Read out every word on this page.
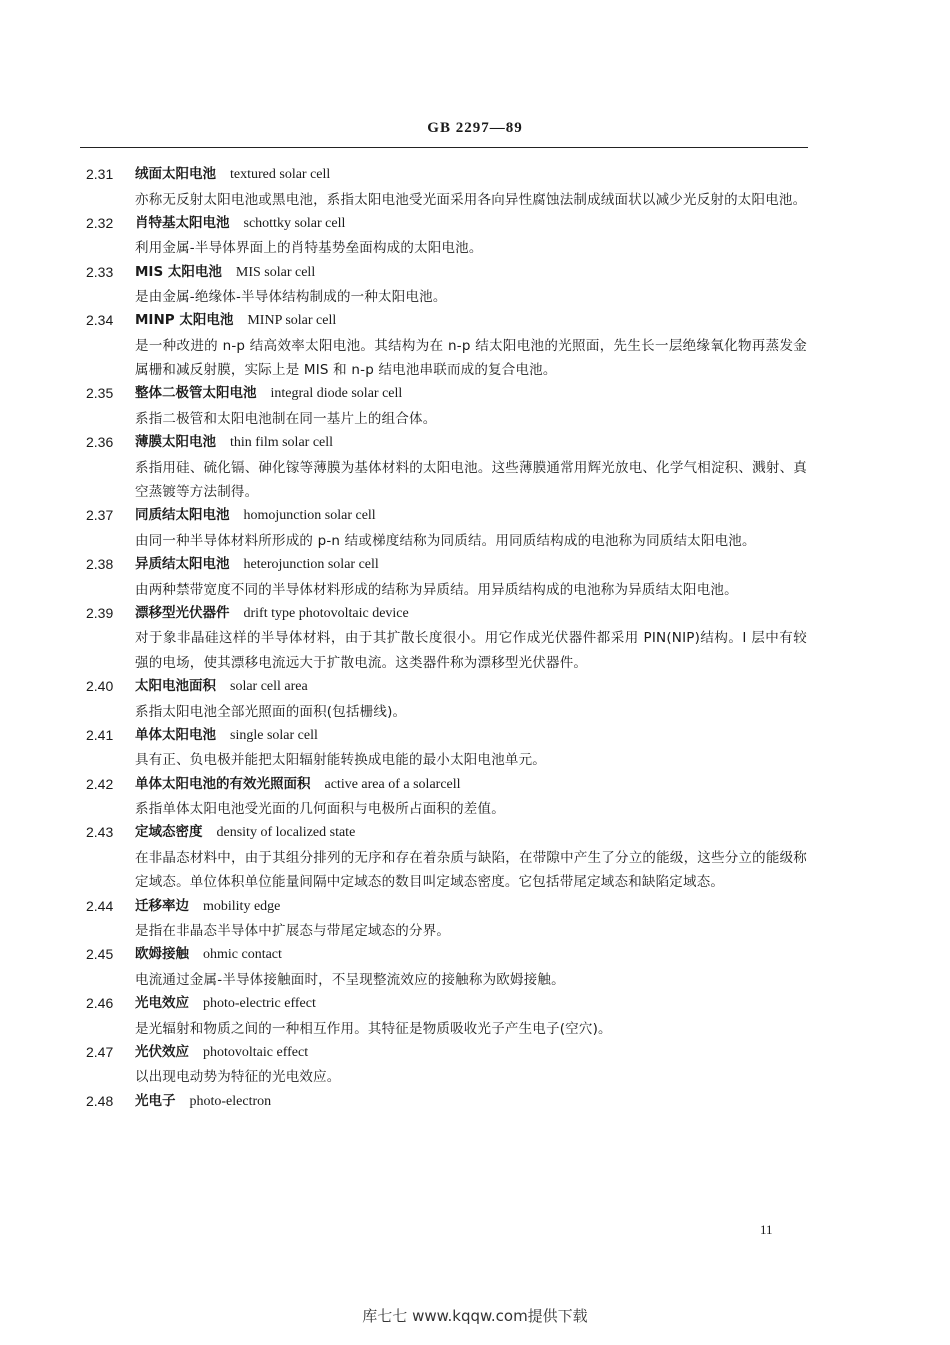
GB 2297—89
2.31 绒面太阳电池 textured solar cell
亦称无反射太阳电池或黑电池，系指太阳电池受光面采用各向异性腐蚀法制成绒面状以减少光反射的太阳电池。
2.32 肖特基太阳电池 schottky solar cell
利用金属-半导体界面上的肖特基势垒面构成的太阳电池。
2.33 MIS 太阳电池 MIS solar cell
是由金属-绝缘体-半导体结构制成的一种太阳电池。
2.34 MINP 太阳电池 MINP solar cell
是一种改进的 n-p 结高效率太阳电池。其结构为在 n-p 结太阳电池的光照面，先生长一层绝缘氧化物再蒸发金属栅和减反射膜，实际上是 MIS 和 n-p 结电池串联而成的复合电池。
2.35 整体二极管太阳电池 integral diode solar cell
系指二极管和太阳电池制在同一基片上的组合体。
2.36 薄膜太阳电池 thin film solar cell
系指用硅、硫化镉、砷化镓等薄膜为基体材料的太阳电池。这些薄膜通常用辉光放电、化学气相淀积、溅射、真空蒸镀等方法制得。
2.37 同质结太阳电池 homojunction solar cell
由同一种半导体材料所形成的 p-n 结或梯度结称为同质结。用同质结构成的电池称为同质结太阳电池。
2.38 异质结太阳电池 heterojunction solar cell
由两种禁带宽度不同的半导体材料形成的结称为异质结。用异质结构成的电池称为异质结太阳电池。
2.39 漂移型光伏器件 drift type photovoltaic device
对于象非晶硅这样的半导体材料，由于其扩散长度很小。用它作成光伏器件都采用 PIN(NIP)结构。I 层中有较强的电场，使其漂移电流远大于扩散电流。这类器件称为漂移型光伏器件。
2.40 太阳电池面积 solar cell area
系指太阳电池全部光照面的面积(包括栅线)。
2.41 单体太阳电池 single solar cell
具有正、负电极并能把太阳辐射能转换成电能的最小太阳电池单元。
2.42 单体太阳电池的有效光照面积 active area of a solarcell
系指单体太阳电池受光面的几何面积与电极所占面积的差值。
2.43 定域态密度 density of localized state
在非晶态材料中，由于其组分排列的无序和存在着杂质与缺陷，在带隙中产生了分立的能级，这些分立的能级称定域态。单位体积单位能量间隔中定域态的数目叫定域态密度。它包括带尾定域态和缺陷定域态。
2.44 迁移率边 mobility edge
是指在非晶态半导体中扩展态与带尾定域态的分界。
2.45 欧姆接触 ohmic contact
电流通过金属-半导体接触面时，不呈现整流效应的接触称为欧姆接触。
2.46 光电效应 photo-electric effect
是光辐射和物质之间的一种相互作用。其特征是物质吸收光子产生电子(空穴)。
2.47 光伏效应 photovoltaic effect
以出现电动势为特征的光电效应。
2.48 光电子 photo-electron
11
库七七 www.kqqw.com提供下载
